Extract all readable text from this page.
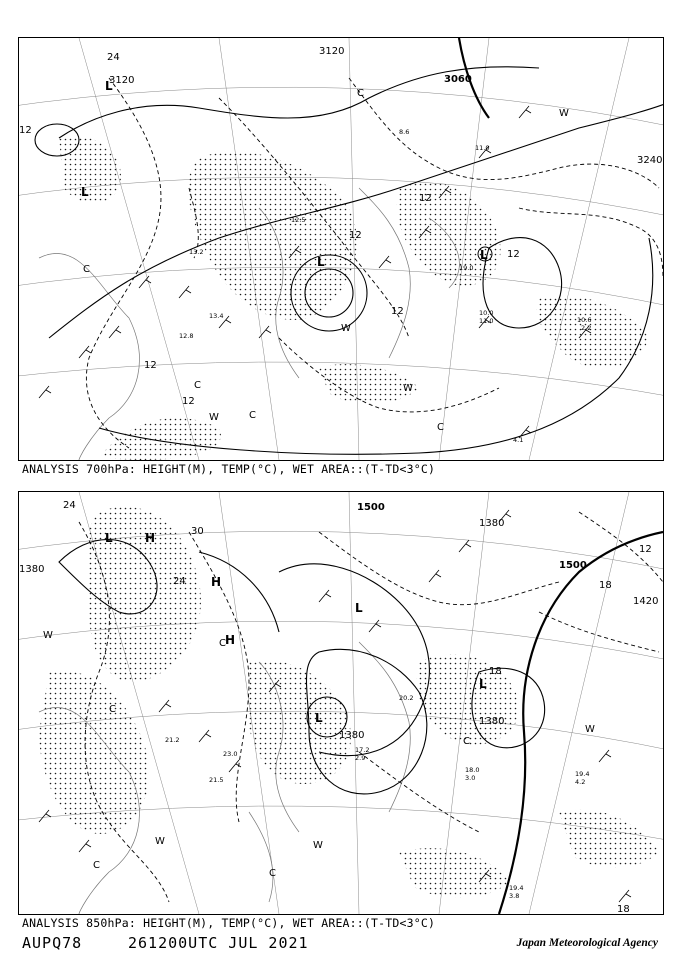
3120
3120
3060
3240
24
12
12
12
12
12
12
12
L
L
L
L
C
C
C
C
W
W
W
W
C
10.0
11.0	10.6
2.2
12.5
13.2
19.0
13.4
12.8
8.6
11.0
4.1
ANALYSIS 700hPa: HEIGHT(M), TEMP(°C), WET AREA::(T-TD<3°C)
1500
1500
1380
1420
1380
1380
1380
24
30
24
18
18
18
12
L	H
H
H
L
L
L
C
C
C
W
W	W
W
C
C
19.4
4.2
18.0
3.0
17.2
2.9
20.2
21.2
19.4
3.8
23.0
21.5
ANALYSIS 850hPa: HEIGHT(M), TEMP(°C), WET AREA::(T-TD<3°C)
AUPQ78	261200UTC JUL 2021	Japan Meteorological Agency
